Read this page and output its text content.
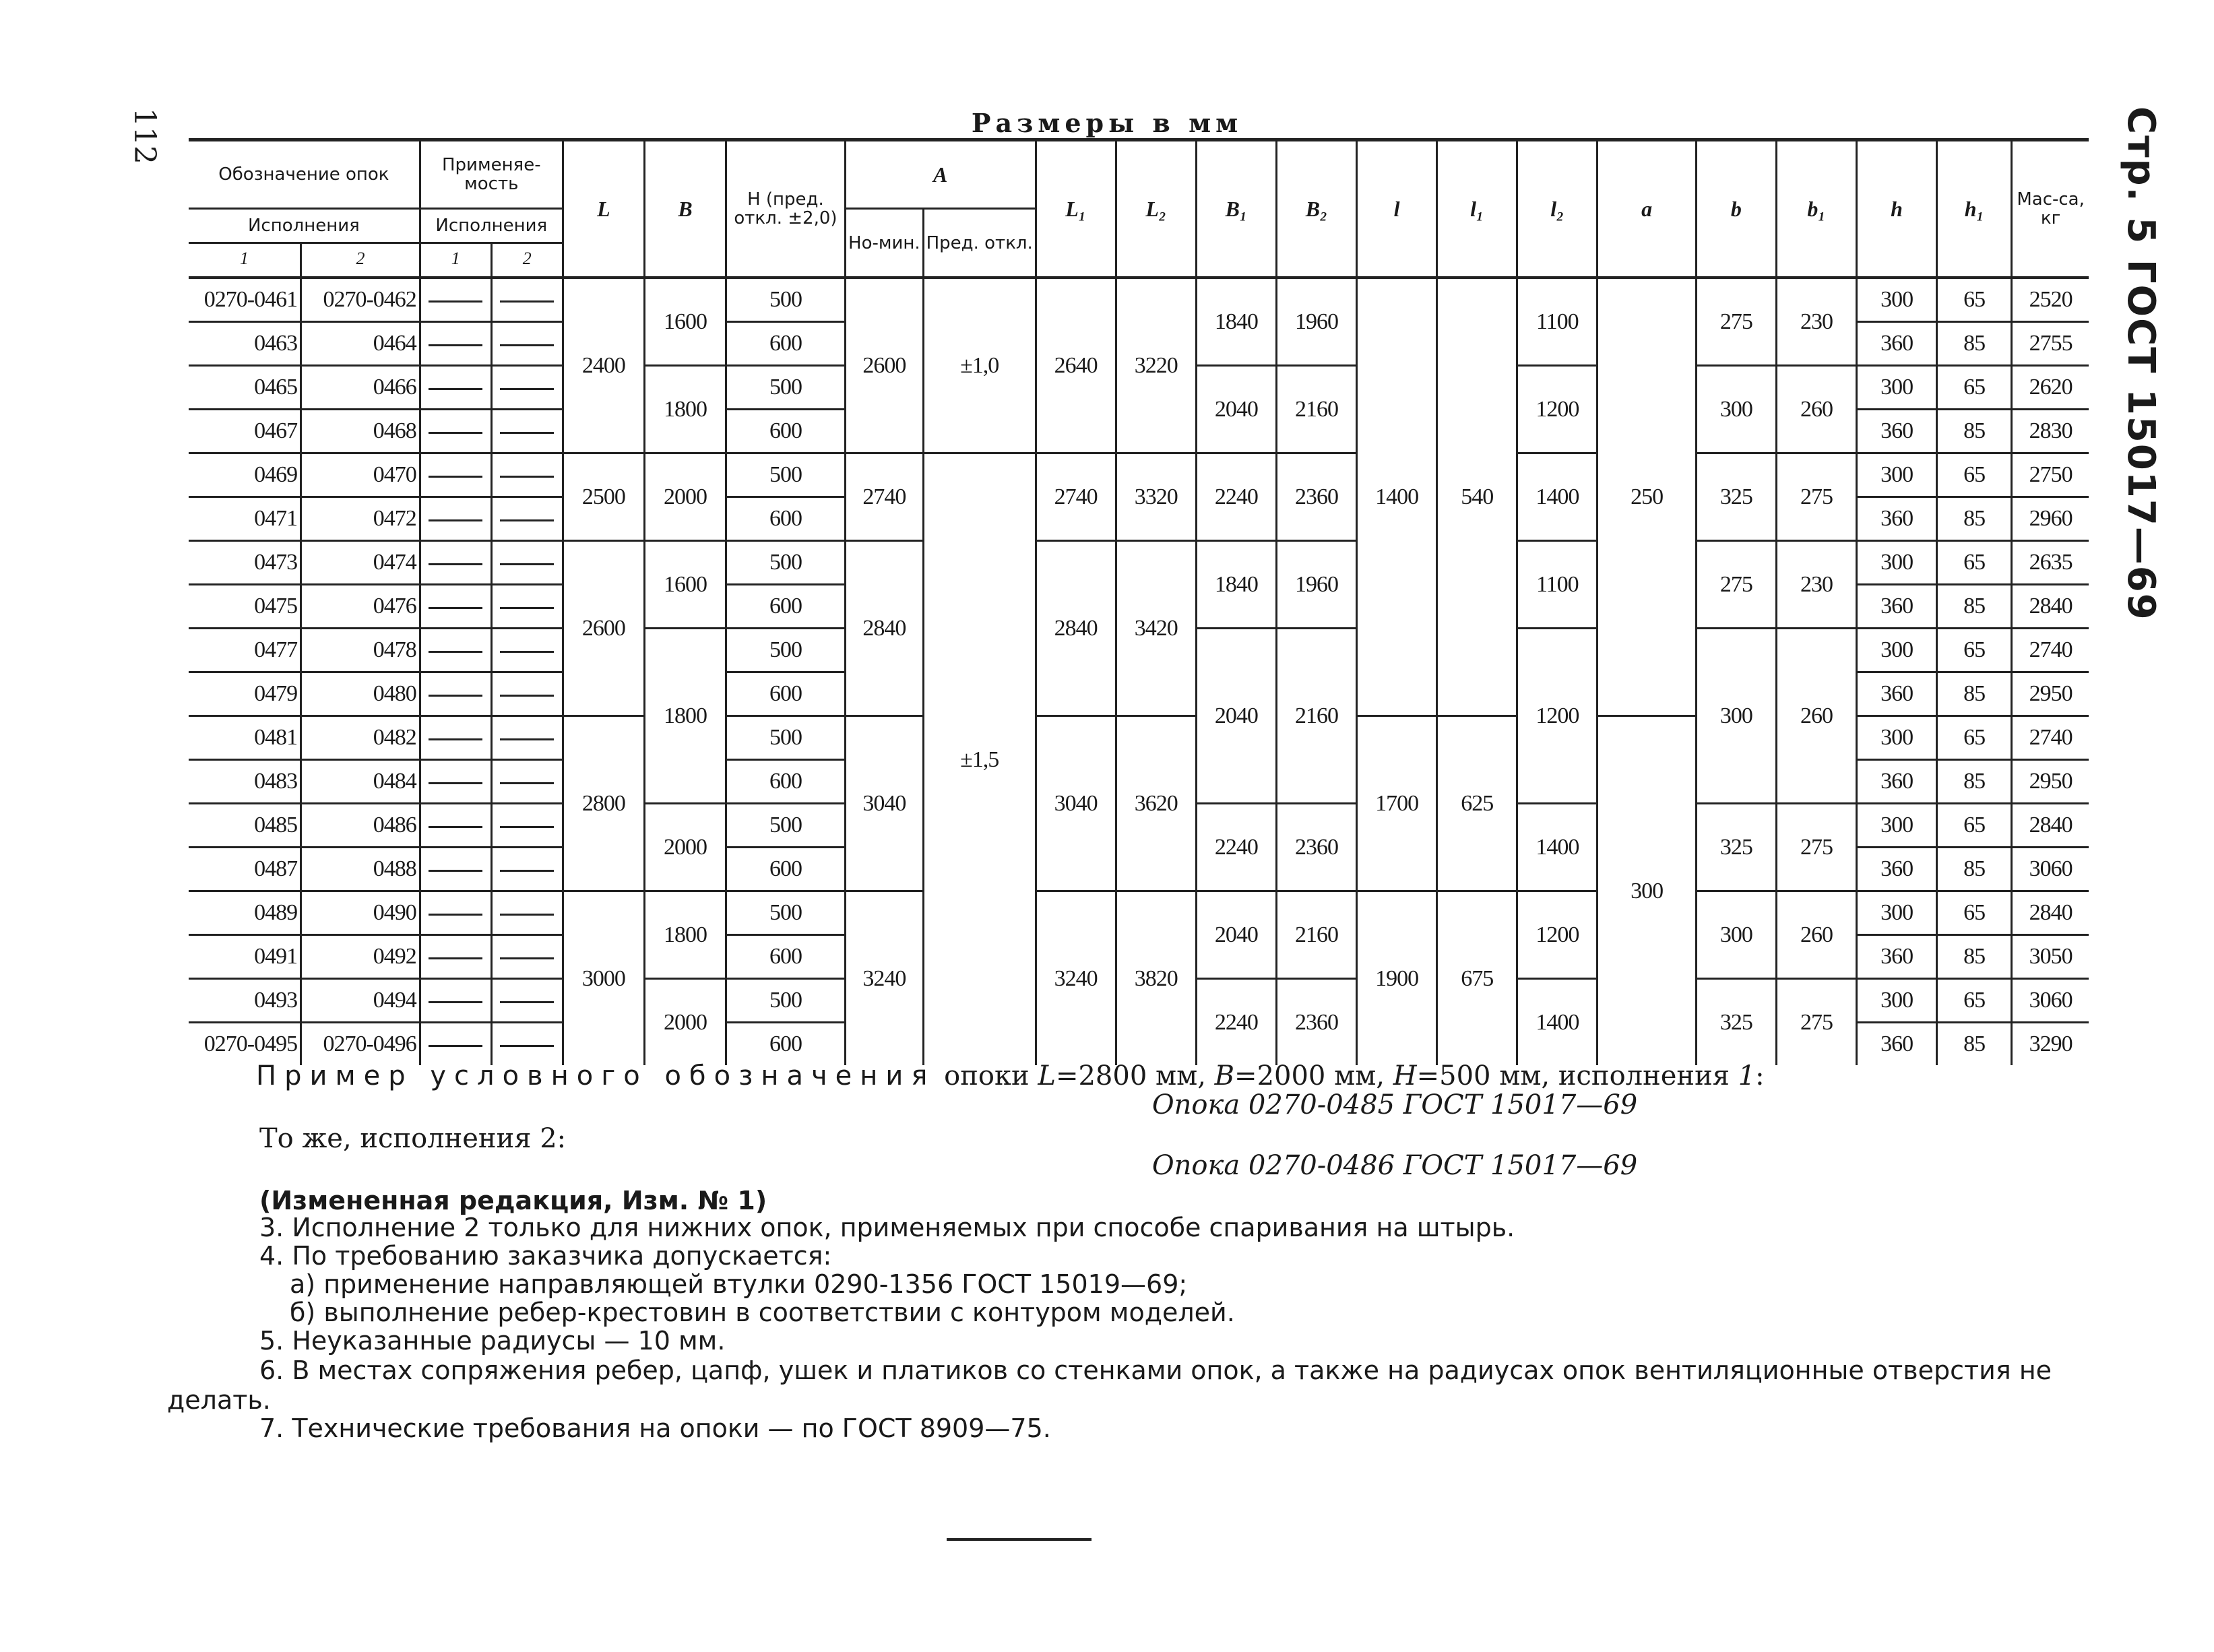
112	Стр. 5 ГОСТ 15017—69
Размеры в мм
Обозначение опок		Применяе-мость		L	B	H (пред. откл. ±2,0)	A		L₁	L₂	B₁	B₂	l	l₁	l₂	a	b	b₁	h	h₁	Мас-са, кг
Исполнения		Исполнения					Но-мин.	Пред. откл.													
1	2	1	2																		

0270-0461	0270-0462			2400	1600	500	2600	±1,0	2640	3220	1840	1960	1400	540	1100	250	275	230	300	65	2520
0463	0464					600													360	85	2755
0465	0466				1800	500					2040	2160			1200		300	260	300	65	2620
0467	0468					600													360	85	2830
0469	0470			2500	2000	500	2740	±1,5	2740	3320	2240	2360			1400		325	275	300	65	2750
0471	0472					600													360	85	2960
0473	0474			2600	1600	500	2840		2840	3420	1840	1960			1100		275	230	300	65	2635
0475	0476					600													360	85	2840
0477	0478				1800	500					2040	2160			1200		300	260	300	65	2740
0479	0480					600													360	85	2950
0481	0482			2800		500	3040		3040	3620			1700	625		300			300	65	2740
0483	0484					600													360	85	2950
0485	0486				2000	500					2240	2360			1400		325	275	300	65	2840
0487	0488					600													360	85	3060
0489	0490			3000	1800	500	3240		3240	3820	2040	2160	1900	675	1200		300	260	300	65	2840
0491	0492					600													360	85	3050
0493	0494				2000	500					2240	2360			1400		325	275	300	65	3060
0270-0495	0270-0496					600													360	85	3290
Пример условного обозначения опоки L=2800 мм, B=2000 мм, H=500 мм, исполнения 1:
Опока 0270-0485 ГОСТ 15017—69
То же, исполнения 2:
Опока 0270-0486 ГОСТ 15017—69
(Измененная редакция, Изм. № 1)
3. Исполнение 2 только для нижних опок, применяемых при способе спаривания на штырь.
4. По требованию заказчика допускается:
а) применение направляющей втулки 0290-1356 ГОСТ 15019—69;
б) выполнение ребер-крестовин в соответствии с контуром моделей.
5. Неуказанные радиусы — 10 мм.
6. В местах сопряжения ребер, цапф, ушек и платиков со стенками опок, а также на радиусах опок вентиляционные отверстия не делать.
7. Технические требования на опоки — по ГОСТ 8909—75.
